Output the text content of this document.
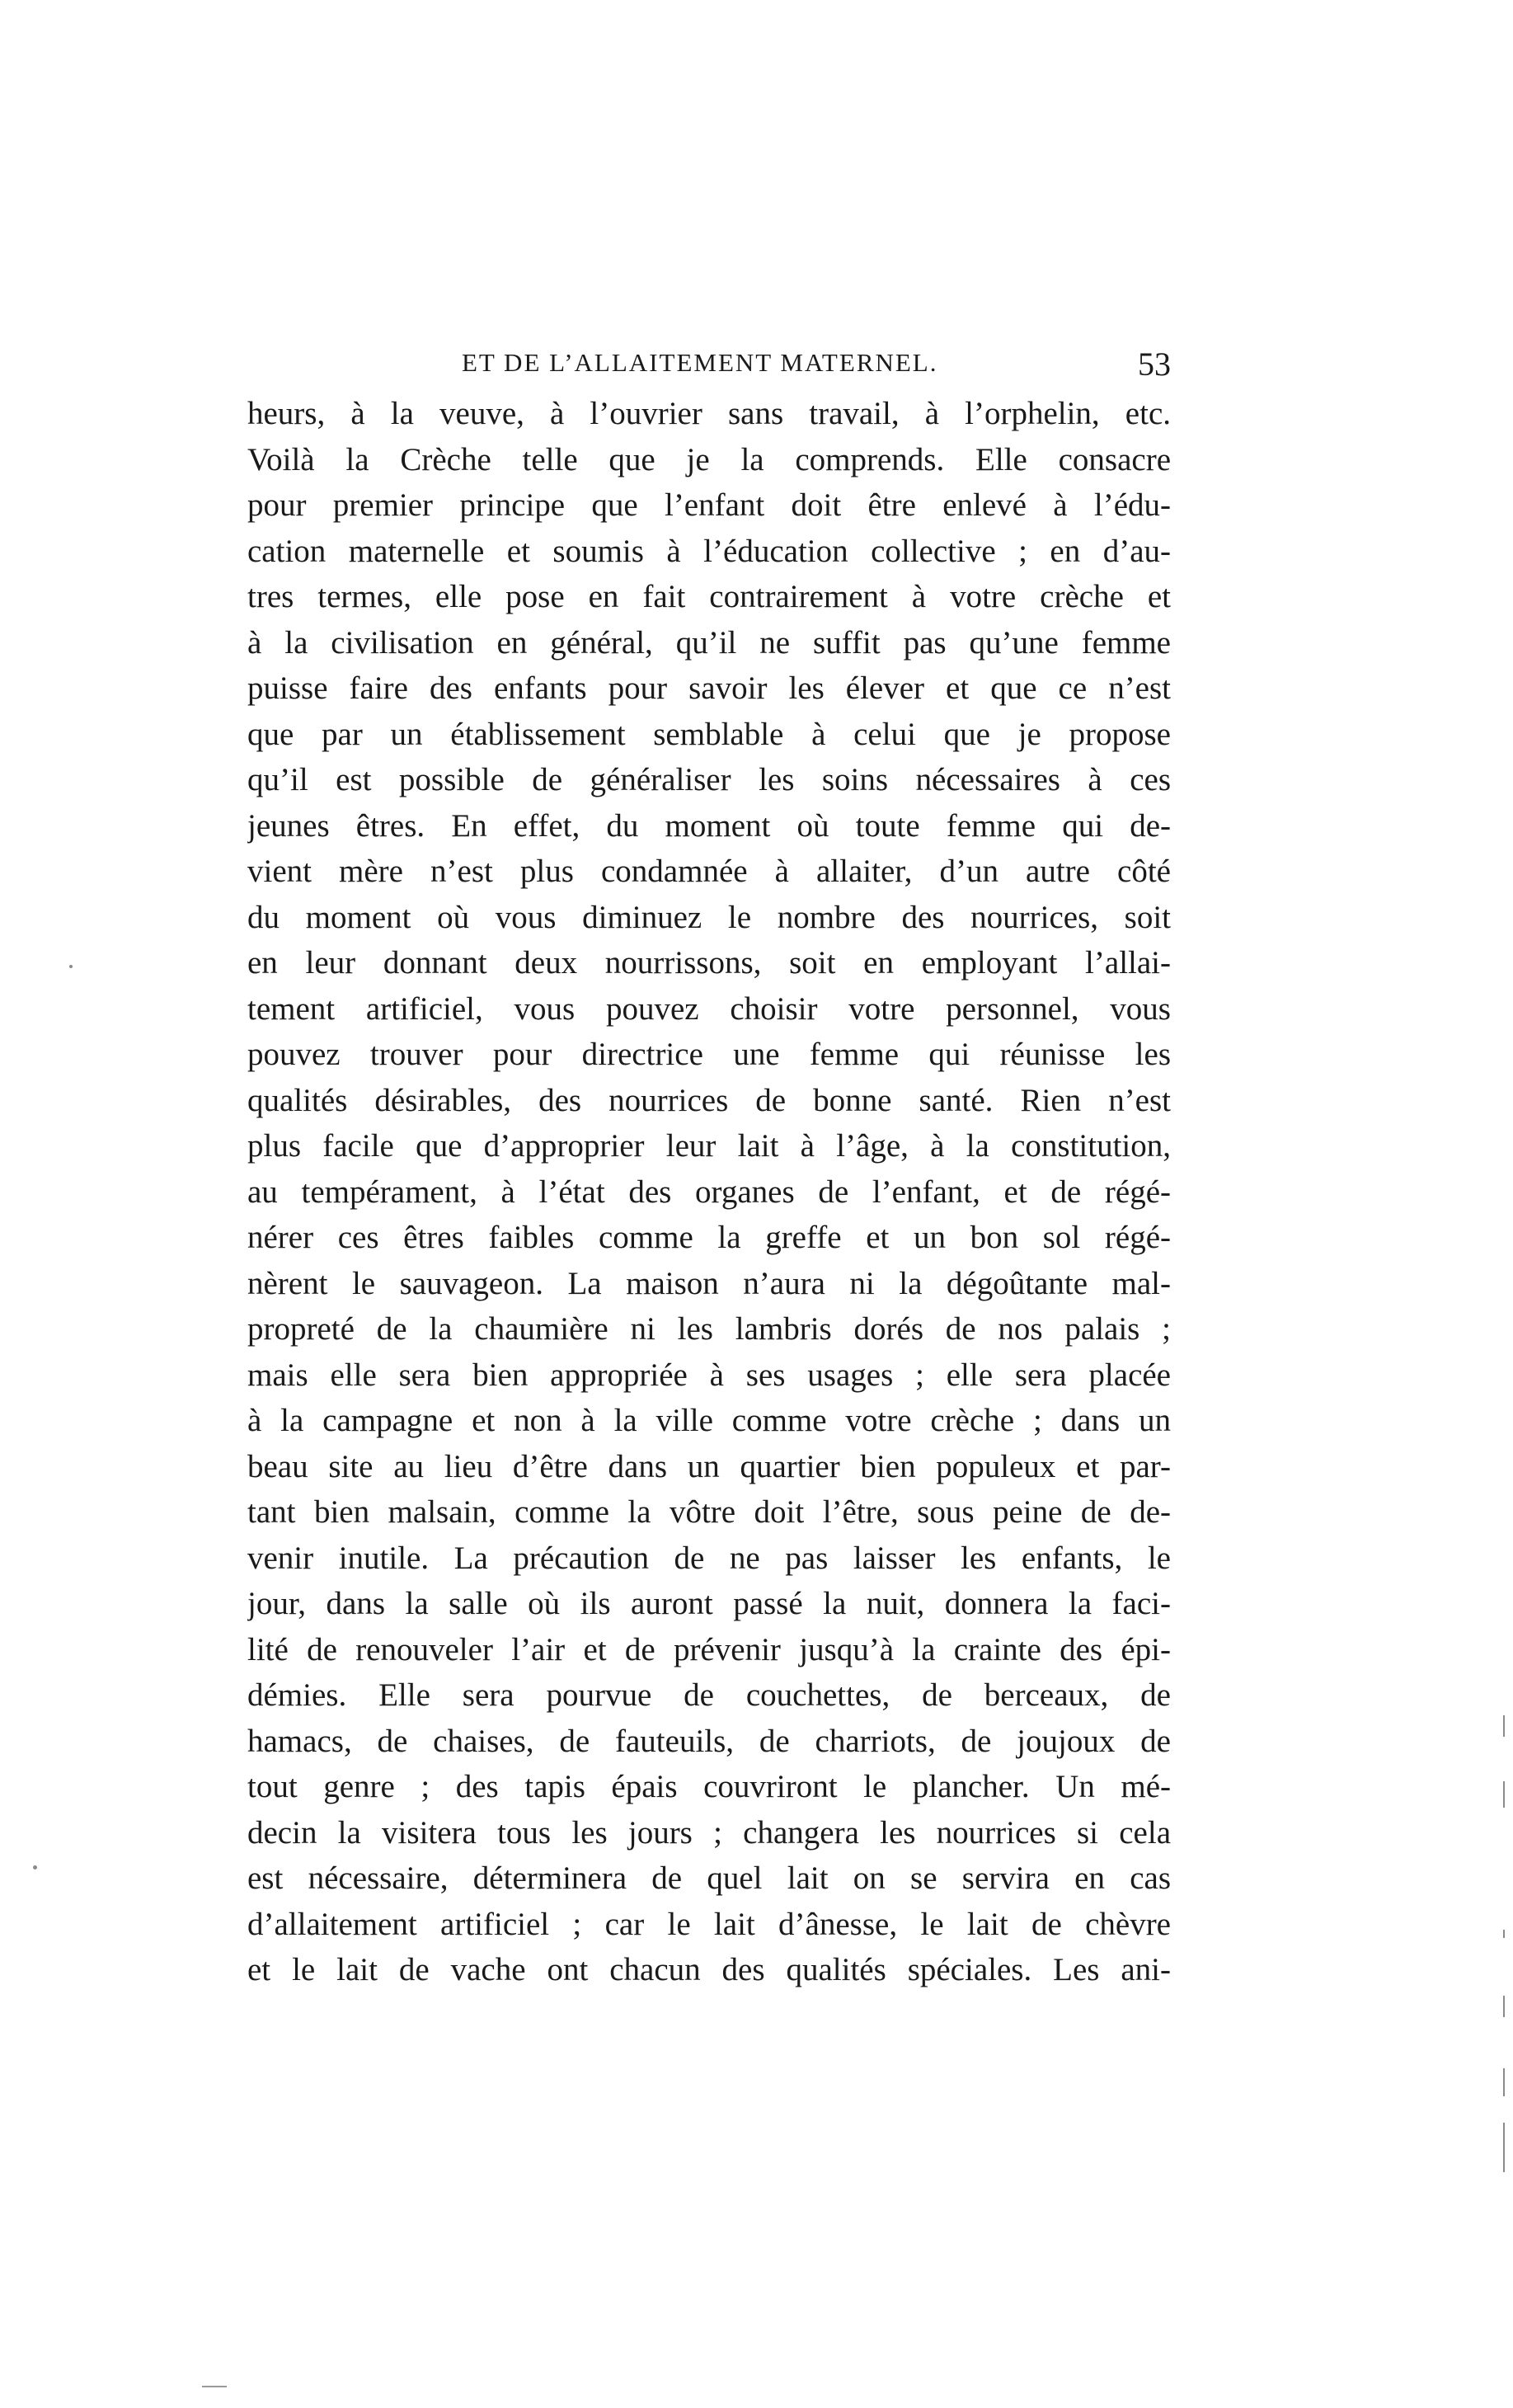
ET DE L’ALLAITEMENT MATERNEL.	53
heurs, à la veuve, à l’ouvrier sans travail, à l’orphelin, etc.
Voilà la Crèche telle que je la comprends. Elle consacre
pour premier principe que l’enfant doit être enlevé à l’édu-
cation maternelle et soumis à l’éducation collective ; en d’au-
tres termes, elle pose en fait contrairement à votre crèche et
à la civilisation en général, qu’il ne suffit pas qu’une femme
puisse faire des enfants pour savoir les élever et que ce n’est
que par un établissement semblable à celui que je propose
qu’il est possible de généraliser les soins nécessaires à ces
jeunes êtres. En effet, du moment où toute femme qui de-
vient mère n’est plus condamnée à allaiter, d’un autre côté
du moment où vous diminuez le nombre des nourrices, soit
en leur donnant deux nourrissons, soit en employant l’allai-
tement artificiel, vous pouvez choisir votre personnel, vous
pouvez trouver pour directrice une femme qui réunisse les
qualités désirables, des nourrices de bonne santé. Rien n’est
plus facile que d’approprier leur lait à l’âge, à la constitution,
au tempérament, à l’état des organes de l’enfant, et de régé-
nérer ces êtres faibles comme la greffe et un bon sol régé-
nèrent le sauvageon. La maison n’aura ni la dégoûtante mal-
propreté de la chaumière ni les lambris dorés de nos palais ;
mais elle sera bien appropriée à ses usages ; elle sera placée
à la campagne et non à la ville comme votre crèche ; dans un
beau site au lieu d’être dans un quartier bien populeux et par-
tant bien malsain, comme la vôtre doit l’être, sous peine de de-
venir inutile. La précaution de ne pas laisser les enfants, le
jour, dans la salle où ils auront passé la nuit, donnera la faci-
lité de renouveler l’air et de prévenir jusqu’à la crainte des épi-
démies. Elle sera pourvue de couchettes, de berceaux, de
hamacs, de chaises, de fauteuils, de charriots, de joujoux de
tout genre ; des tapis épais couvriront le plancher. Un mé-
decin la visitera tous les jours ; changera les nourrices si cela
est nécessaire, déterminera de quel lait on se servira en cas
d’allaitement artificiel ; car le lait d’ânesse, le lait de chèvre
et le lait de vache ont chacun des qualités spéciales. Les ani-
